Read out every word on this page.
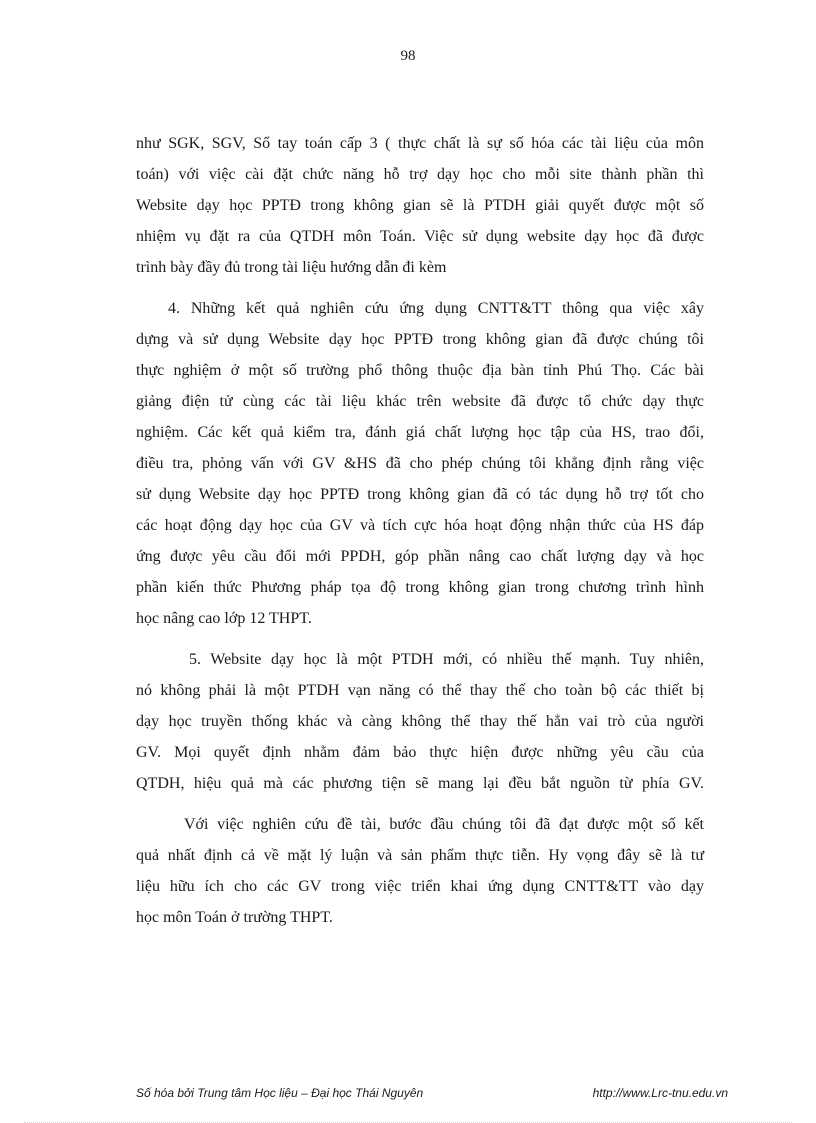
98
như SGK, SGV, Sổ tay toán cấp 3 ( thực chất là sự số hóa các tài liệu của môn
toán) với việc cài đặt chức năng hỗ trợ dạy học cho mỗi site thành phần thì
Website dạy học PPTĐ trong không gian sẽ là PTDH giải quyết được một số
nhiệm vụ đặt ra của QTDH môn Toán. Việc sử dụng website dạy học đã được
trình bày đầy đủ trong tài liệu hướng dẫn đi kèm
4. Những kết quả nghiên cứu ứng dụng CNTT&TT thông qua việc xây
dựng và sử dụng Website dạy học PPTĐ trong không gian đã được chúng tôi
thực nghiệm ở một số trường phổ thông thuộc địa bàn tỉnh Phú Thọ. Các bài
giảng điện tử cùng các tài liệu khác trên website đã được tổ chức dạy thực
nghiệm. Các kết quả kiểm tra, đánh giá chất lượng học tập của HS, trao đổi,
điều tra, phỏng vấn với GV &HS đã cho phép chúng tôi khẳng định rằng việc
sử dụng Website dạy học PPTĐ trong không gian đã có tác dụng hỗ trợ tốt cho
các hoạt động dạy học của GV và tích cực hóa hoạt động nhận thức của HS đáp
ứng được yêu cầu đổi mới PPDH, góp phần nâng cao chất lượng dạy và học
phần kiến thức Phương pháp tọa độ trong không gian trong chương trình hình
học nâng cao lớp 12 THPT.
5. Website dạy học là một PTDH mới, có nhiều thế mạnh. Tuy nhiên,
nó không phải là một PTDH vạn năng có thể thay thế cho toàn bộ các thiết bị
dạy học truyền thống khác và càng không thể thay thế hẳn vai trò của người
GV. Mọi quyết định nhằm đảm bảo thực hiện được những yêu cầu của
QTDH, hiệu quả mà các phương tiện sẽ mang lại đều bắt nguồn từ phía GV.
Với việc nghiên cứu đề tài, bước đầu chúng tôi đã đạt được một số kết
quả nhất định cả về mặt lý luận và sản phẩm thực tiễn. Hy vọng đây sẽ là tư
liệu hữu ích cho các GV trong việc triển khai ứng dụng CNTT&TT vào dạy
học môn Toán ở trường THPT.
Số hóa bởi Trung tâm Học liệu – Đại học Thái Nguyên	http://www.Lrc-tnu.edu.vn
